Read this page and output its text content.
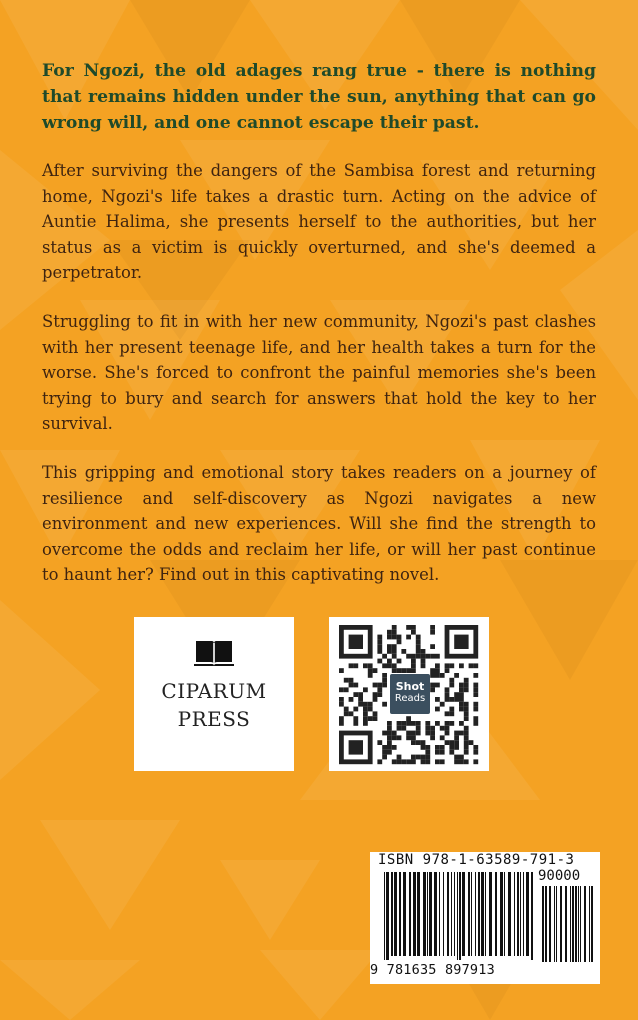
For Ngozi, the old adages rang true - there is nothing that remains hidden under the sun, anything that can go wrong will, and one cannot escape their past.

After surviving the dangers of the Sambisa forest and returning home, Ngozi's life takes a drastic turn. Acting on the advice of Auntie Halima, she presents herself to the authorities, but her status as a victim is quickly overturned, and she's deemed a perpetrator.

Struggling to fit in with her new community, Ngozi's past clashes with her present teenage life, and her health takes a turn for the worse. She's forced to confront the painful memories she's been trying to bury and search for answers that hold the key to her survival.

This gripping and emotional story takes readers on a journey of resilience and self-discovery as Ngozi navigates a new environment and new experiences. Will she find the strength to overcome the odds and reclaim her life, or will her past continue to haunt her? Find out in this captivating novel.

CIPARUM
PRESS
Shot
Reads
ISBN 978-1-63589-791-3
90000
9 781635 897913
